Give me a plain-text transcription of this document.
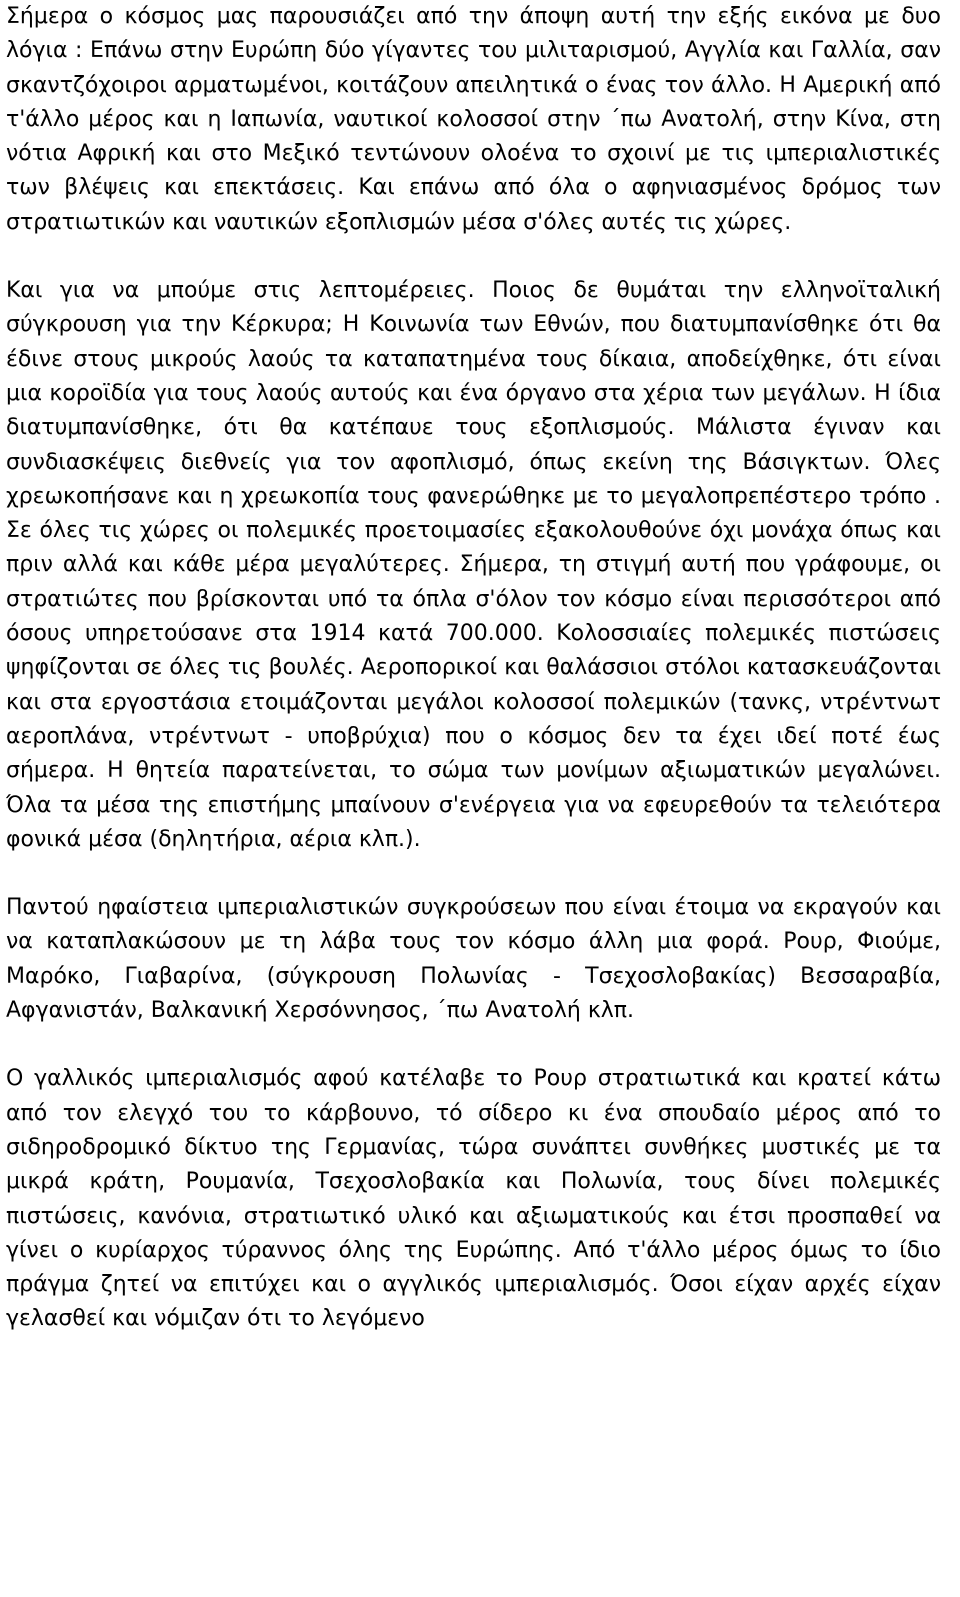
Σήμερα ο κόσμος μας παρουσιάζει από την άποψη αυτή την εξής εικόνα με δυο λόγια : Επάνω στην Ευρώπη δύο γίγαντες του μιλιταρισμού, Αγγλία και Γαλλία, σαν σκαντζόχοιροι αρματωμένοι, κοιτάζουν απειλητικά ο ένας τον άλλο. Η Αμερική από τ'άλλο μέρος και η Ιαπωνία, ναυτικοί κολοσσοί στην ΄πω Ανατολή, στην Κίνα, στη νότια Αφρική και στο Μεξικό τεντώνουν ολοένα το σχοινί με τις ιμπεριαλιστικές των βλέψεις και επεκτάσεις. Και επάνω από όλα ο αφηνιασμένος δρόμος των στρατιωτικών και ναυτικών εξοπλισμών μέσα σ'όλες αυτές τις χώρες.

Και για να μπούμε στις λεπτομέρειες. Ποιος δε θυμάται την ελληνοϊταλική σύγκρουση για την Κέρκυρα; Η Κοινωνία των Εθνών, που διατυμπανίσθηκε ότι θα έδινε στους μικρούς λαούς τα καταπατημένα τους δίκαια, αποδείχθηκε, ότι είναι μια κοροϊδία για τους λαούς αυτούς και ένα όργανο στα χέρια των μεγάλων. Η ίδια διατυμπανίσθηκε, ότι θα κατέπαυε τους εξοπλισμούς. Μάλιστα έγιναν και συνδιασκέψεις διεθνείς για τον αφοπλισμό, όπως εκείνη της Βάσιγκτων. Όλες χρεωκοπήσανε και η χρεωκοπία τους φανερώθηκε με το μεγαλοπρεπέστερο τρόπο . Σε όλες τις χώρες οι πολεμικές προετοιμασίες εξακολουθούνε όχι μονάχα όπως και πριν αλλά και κάθε μέρα μεγαλύτερες. Σήμερα, τη στιγμή αυτή που γράφουμε, οι στρατιώτες που βρίσκονται υπό τα όπλα σ'όλον τον κόσμο είναι περισσότεροι από όσους υπηρετούσανε στα 1914 κατά 700.000. Κολοσσιαίες πολεμικές πιστώσεις ψηφίζονται σε όλες τις βουλές. Αεροπορικοί και θαλάσσιοι στόλοι κατασκευάζονται και στα εργοστάσια ετοιμάζονται μεγάλοι κολοσσοί πολεμικών (τανκς, ντρέντνωτ αεροπλάνα, ντρέντνωτ - υποβρύχια) που ο κόσμος δεν τα έχει ιδεί ποτέ έως σήμερα. Η θητεία παρατείνεται, το σώμα των μονίμων αξιωματικών μεγαλώνει. Όλα τα μέσα της επιστήμης μπαίνουν σ'ενέργεια για να εφευρεθούν τα τελειότερα φονικά μέσα (δηλητήρια, αέρια κλπ.).

Παντού ηφαίστεια ιμπεριαλιστικών συγκρούσεων που είναι έτοιμα να εκραγούν και να καταπλακώσουν με τη λάβα τους τον κόσμο άλλη μια φορά. Ρουρ, Φιούμε, Μαρόκο, Γιαβαρίνα, (σύγκρουση Πολωνίας - Τσεχοσλοβακίας) Βεσσαραβία, Αφγανιστάν, Βαλκανική Χερσόννησος, ΄πω Ανατολή κλπ.

Ο γαλλικός ιμπεριαλισμός αφού κατέλαβε το Ρουρ στρατιωτικά και κρατεί κάτω από τον ελεγχό του το κάρβουνο, τό σίδερο κι ένα σπουδαίο μέρος από το σιδηροδρομικό δίκτυο της Γερμανίας, τώρα συνάπτει συνθήκες μυστικές με τα μικρά κράτη, Ρουμανία, Τσεχοσλοβακία και Πολωνία, τους δίνει πολεμικές πιστώσεις, κανόνια, στρατιωτικό υλικό και αξιωματικούς και έτσι προσπαθεί να γίνει ο κυρίαρχος τύραννος όλης της Ευρώπης. Από τ'άλλο μέρος όμως το ίδιο πράγμα ζητεί να επιτύχει και ο αγγλικός ιμπεριαλισμός. Όσοι είχαν αρχές είχαν γελασθεί και νόμιζαν ότι το λεγόμενο
